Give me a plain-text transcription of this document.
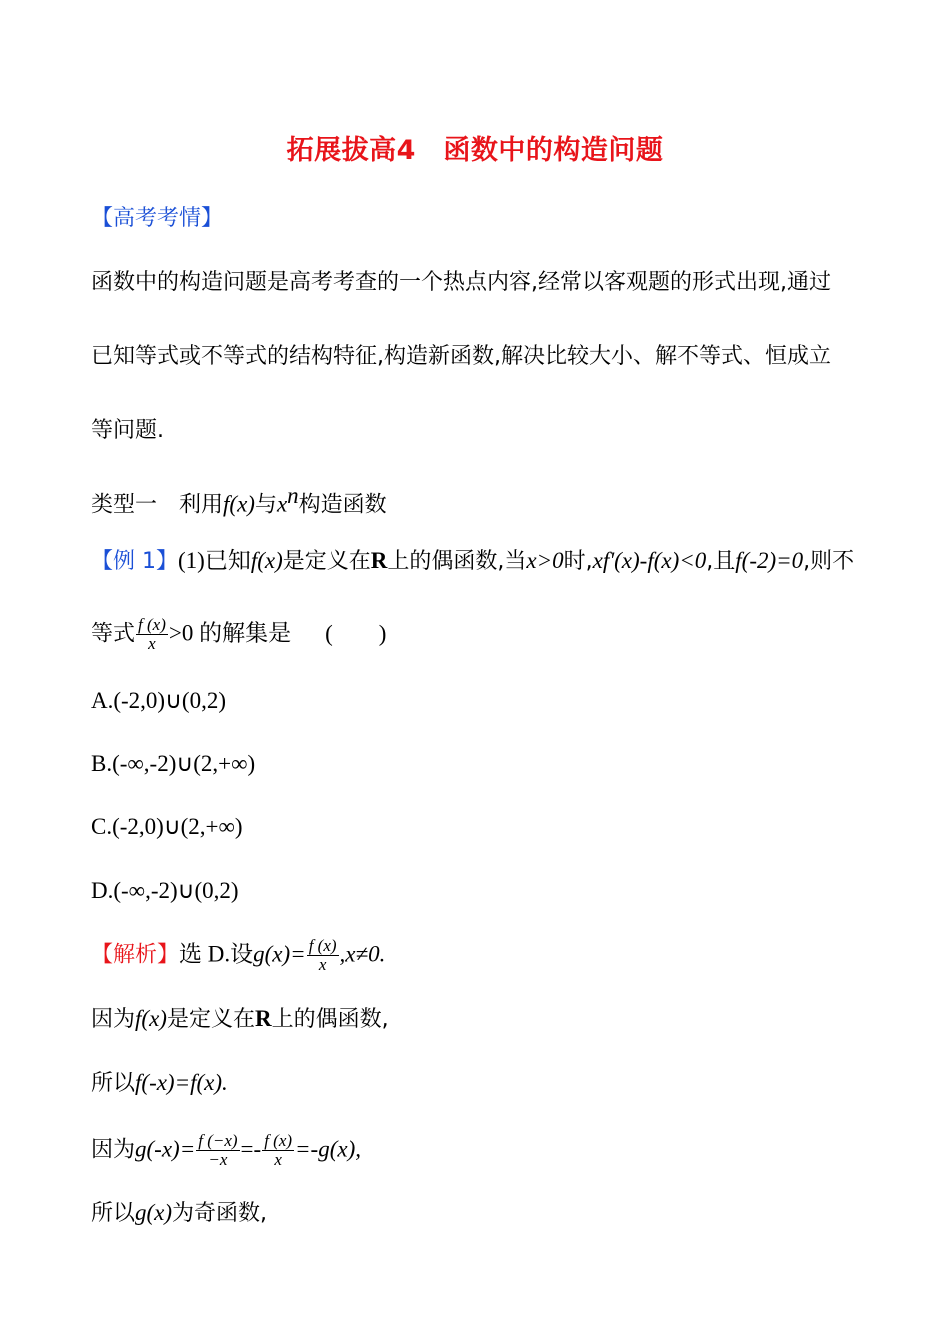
拓展拔高4　函数中的构造问题
【高考考情】
函数中的构造问题是高考考查的一个热点内容,经常以客观题的形式出现,通过
已知等式或不等式的结构特征,构造新函数,解决比较大小、解不等式、恒成立
等问题.
类型一　利用f(x)与$x^n$构造函数
【例 1】(1)已知f(x)是定义在R上的偶函数,当x>0时,xf'(x)-f(x)<0,且f(-2)=0,则不
等式 $\frac{f (x)}{x} >0$ 的解集是 (　　)
A.(-2,0)∪(0,2)
B.(-∞,-2)∪(2,+∞)
C.(-2,0)∪(2,+∞)
D.(-∞,-2)∪(0,2)
【解析】选 D.设$g(x)= \frac{f (x)}{x} ,x\ne 0$.
因为f(x)是定义在R上的偶函数,
所以f(-x)=f(x).
因为$g(-x)= \frac{f (-x)}{-x} =- \frac{f (x)}{x} =-g(x)$,
所以g(x)为奇函数,
